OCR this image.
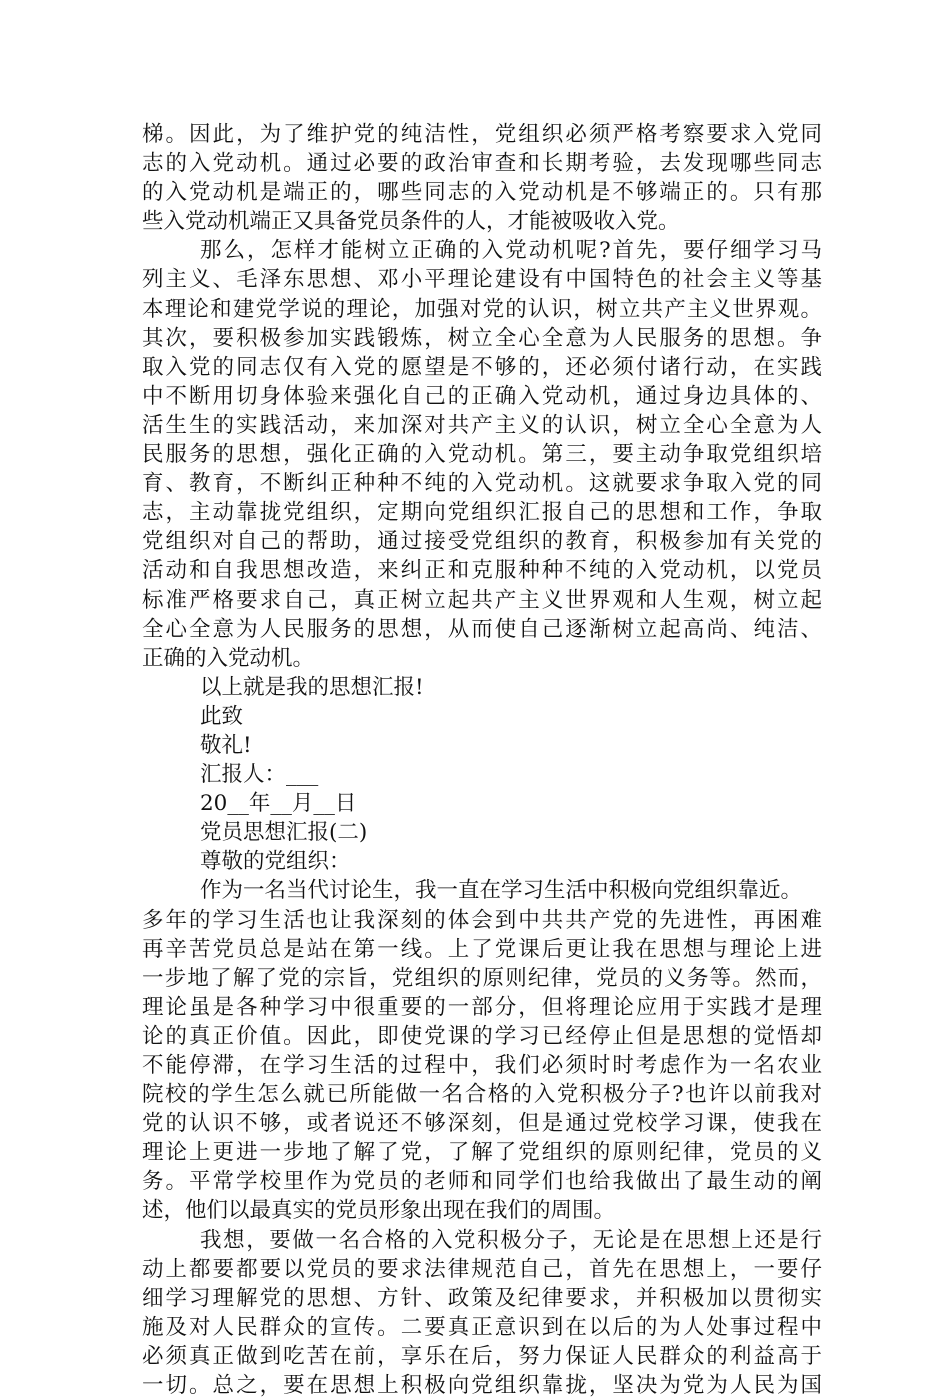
梯。因此，为了维护党的纯洁性，党组织必须严格考察要求入党同
志的入党动机。通过必要的政治审查和长期考验，去发现哪些同志
的入党动机是端正的，哪些同志的入党动机是不够端正的。只有那
些入党动机端正又具备党员条件的人，才能被吸收入党。
那么，怎样才能树立正确的入党动机呢?首先，要仔细学习马
列主义、毛泽东思想、邓小平理论建设有中国特色的社会主义等基
本理论和建党学说的理论，加强对党的认识，树立共产主义世界观。
其次，要积极参加实践锻炼，树立全心全意为人民服务的思想。争
取入党的同志仅有入党的愿望是不够的，还必须付诸行动，在实践
中不断用切身体验来强化自己的正确入党动机，通过身边具体的、
活生生的实践活动，来加深对共产主义的认识，树立全心全意为人
民服务的思想，强化正确的入党动机。第三，要主动争取党组织培
育、教育，不断纠正种种不纯的入党动机。这就要求争取入党的同
志，主动靠拢党组织，定期向党组织汇报自己的思想和工作，争取
党组织对自己的帮助，通过接受党组织的教育，积极参加有关党的
活动和自我思想改造，来纠正和克服种种不纯的入党动机，以党员
标准严格要求自己，真正树立起共产主义世界观和人生观，树立起
全心全意为人民服务的思想，从而使自己逐渐树立起高尚、纯洁、
正确的入党动机。
以上就是我的思想汇报!
此致
敬礼!
汇报人：___
20__年__月__日
党员思想汇报(二)
尊敬的党组织：
作为一名当代讨论生，我一直在学习生活中积极向党组织靠近。
多年的学习生活也让我深刻的体会到中共共产党的先进性，再困难
再辛苦党员总是站在第一线。上了党课后更让我在思想与理论上进
一步地了解了党的宗旨，党组织的原则纪律，党员的义务等。然而，
理论虽是各种学习中很重要的一部分，但将理论应用于实践才是理
论的真正价值。因此，即使党课的学习已经停止但是思想的觉悟却
不能停滞，在学习生活的过程中，我们必须时时考虑作为一名农业
院校的学生怎么就已所能做一名合格的入党积极分子?也许以前我对
党的认识不够，或者说还不够深刻，但是通过党校学习课，使我在
理论上更进一步地了解了党，了解了党组织的原则纪律，党员的义
务。平常学校里作为党员的老师和同学们也给我做出了最生动的阐
述，他们以最真实的党员形象出现在我们的周围。
我想，要做一名合格的入党积极分子，无论是在思想上还是行
动上都要都要以党员的要求法律规范自己，首先在思想上，一要仔
细学习理解党的思想、方针、政策及纪律要求，并积极加以贯彻实
施及对人民群众的宣传。二要真正意识到在以后的为人处事过程中
必须真正做到吃苦在前，享乐在后，努力保证人民群众的利益高于
一切。总之，要在思想上积极向党组织靠拢，坚决为党为人民为国
